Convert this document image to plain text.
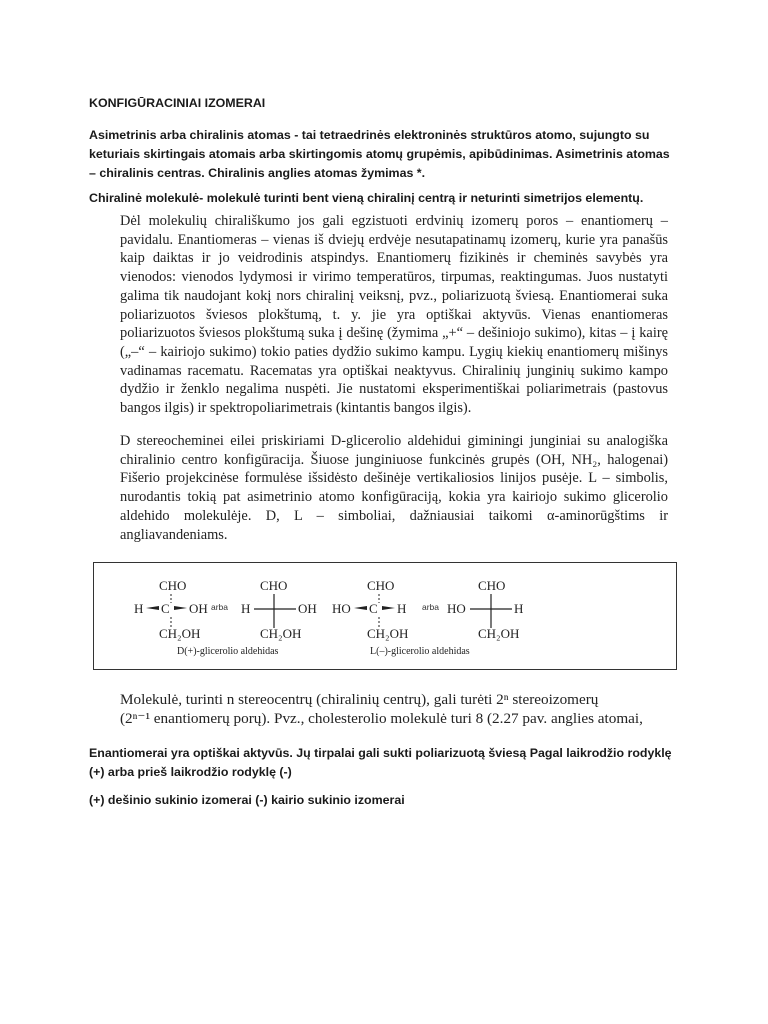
KONFIGŪRACINIAI IZOMERAI

Asimetrinis arba chiralinis atomas - tai tetraedrinės elektroninės struktūros atomo, sujungto su keturiais skirtingais atomais arba skirtingomis atomų grupėmis, apibūdinimas. Asimetrinis atomas – chiralinis centras. Chiralinis anglies atomas žymimas *.

Chiralinė molekulė- molekulė turinti bent vieną chiralinį centrą ir neturinti simetrijos elementų.

Dėl molekulių chirališkumo jos gali egzistuoti erdvinių izomerų poros – enantiomerų – pavidalu. Enantiomeras – vienas iš dviejų erdvėje nesutapatinamų izomerų, kurie yra panašūs kaip daiktas ir jo veidrodinis atspindys. Enantiomerų fizikinės ir cheminės savybės yra vienodos: vienodos lydymosi ir virimo temperatūros, tirpumas, reaktingumas. Juos nustatyti galima tik naudojant kokį nors chiralinį veiksnį, pvz., poliarizuotą šviesą. Enantiomerai suka poliarizuotos šviesos plokštumą, t. y. jie yra optiškai aktyvūs. Vienas enantiomeras poliarizuotos šviesos plokštumą suka į dešinę (žymima „+“ – dešiniojo sukimo), kitas – į kairę („–“ – kairiojo sukimo) tokio paties dydžio sukimo kampu. Lygių kiekių enantiomerų mišinys vadinamas racematu. Racematas yra optiškai neaktyvus. Chiralinių junginių sukimo kampo dydžio ir ženklo negalima nuspėti. Jie nustatomi eksperimentiškai poliarimetrais (pastovus bangos ilgis) ir spektropoliarimetrais (kintantis bangos ilgis).

D stereocheminei eilei priskiriami D-glicerolio aldehidui giminingi junginiai su analogiška chiralinio centro konfigūracija. Šiuose junginiuose funkcinės grupės (OH, NH₂, halogenai) Fišerio projekcinėse formulėse išsidėsto dešinėje vertikaliosios linijos pusėje. L – simbolis, nurodantis tokią pat asimetrinio atomo konfigūraciją, kokia yra kairiojo sukimo glicerolio aldehido molekulėje. D, L – simboliai, dažniausiai taikomi α-aminorūgštims ir angliavandeniams.

CHO
H C OH
CH₂OH
arba
CHO
H	OH
CH₂OH
D(+)-glicerolio aldehidas
CHO
HO C H
CH₂OH
arba
CHO
HO	H
CH₂OH
L(–)-glicerolio aldehidas

Molekulė, turinti n stereocentrų (chiralinių centrų), gali turėti 2ⁿ stereoizomerų

(2ⁿ⁻¹ enantiomerų porų). Pvz., cholesterolio molekulė turi 8 (2.27 pav. anglies atomai,

Enantiomerai yra optiškai aktyvūs. Jų tirpalai gali sukti poliarizuotą šviesą Pagal laikrodžio rodyklę (+) arba prieš laikrodžio rodyklę (-)

(+) dešinio sukinio izomerai (-) kairio sukinio izomerai
